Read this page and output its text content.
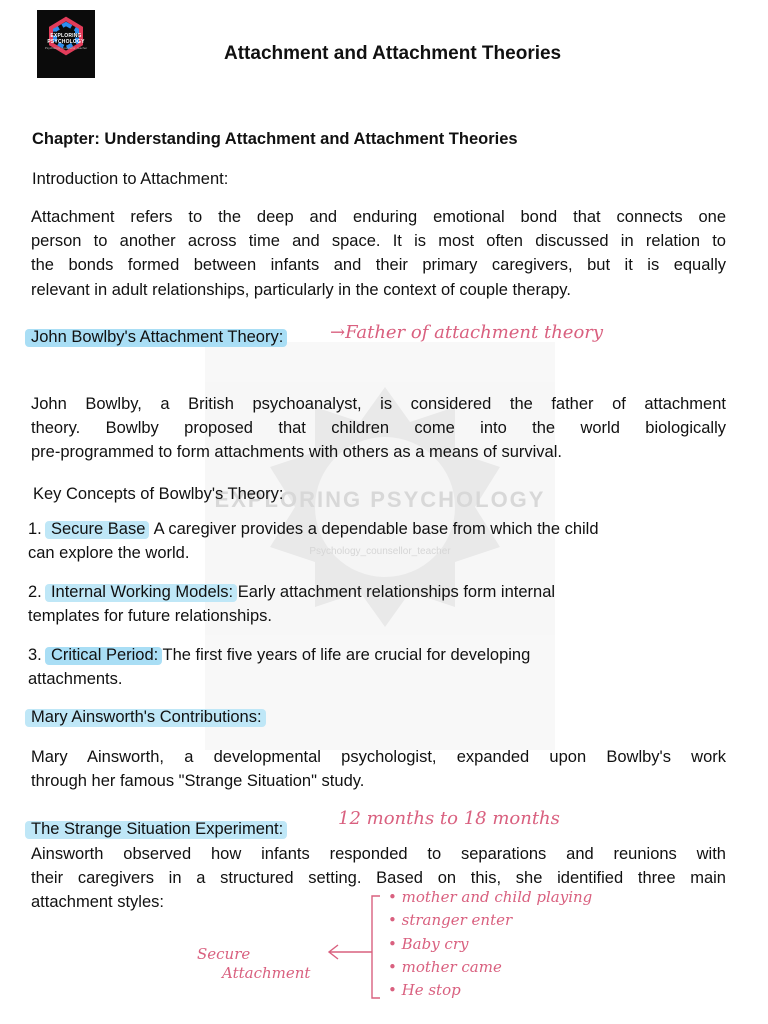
EXPLORING PSYCHOLOGY
Psychology_counsellor_teacher	Attachment and Attachment Theories
EXPLORING PSYCHOLOGY
Psychology_counsellor_teacher

Chapter: Understanding Attachment and Attachment Theories

Introduction to Attachment:

Attachment refers to the deep and enduring emotional bond that connects one

person to another across time and space. It is most often discussed in relation to

the bonds formed between infants and their primary caregivers, but it is equally

relevant in adult relationships, particularly in the context of couple therapy.

John Bowlby's Attachment Theory:	→Father of attachment theory

John Bowlby, a British psychoanalyst, is considered the father of attachment

theory. Bowlby proposed that children come into the world biologically

pre-programmed to form attachments with others as a means of survival.

Key Concepts of Bowlby's Theory:

1. Secure Base: A caregiver provides a dependable base from which the child

can explore the world.

2. Internal Working Models: Early attachment relationships form internal

templates for future relationships.

3. Critical Period: The first five years of life are crucial for developing

attachments.

Mary Ainsworth's Contributions:

Mary Ainsworth, a developmental psychologist, expanded upon Bowlby's work

through her famous "Strange Situation" study.

The Strange Situation Experiment:	12 months to 18 months

Ainsworth observed how infants responded to separations and reunions with

their caregivers in a structured setting. Based on this, she identified three main

attachment styles:

Secure
Attachment
• mother and child playing
• stranger enter
• Baby cry
• mother came
• He stop
